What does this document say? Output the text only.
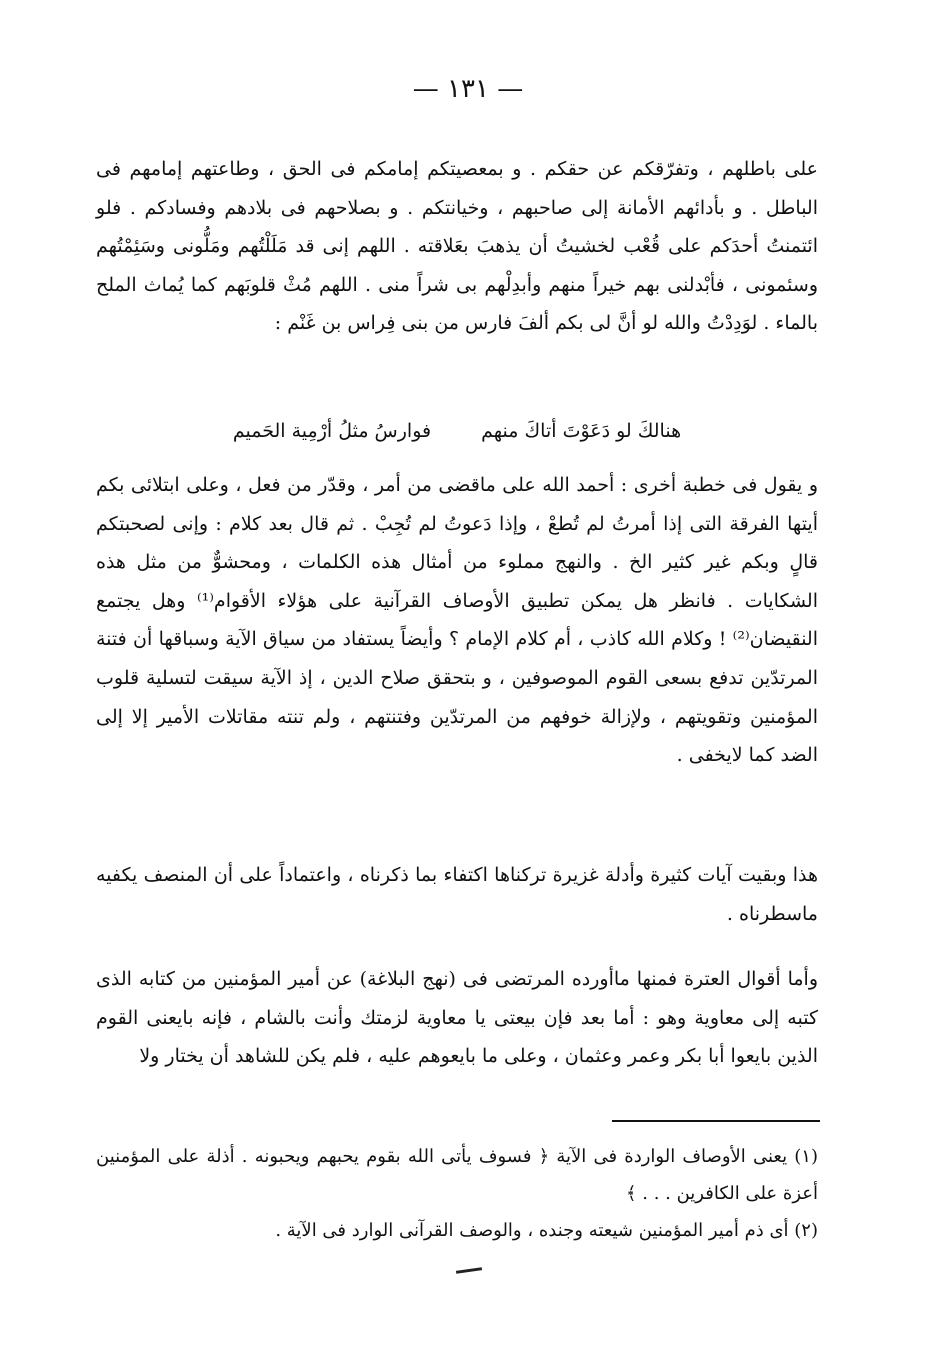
— ١٣١ —

على باطلهم ، وتفرّقكم عن حقكم . و بمعصيتكم إمامكم فى الحق ، وطاعتهم إمامهم فى الباطل . و بأدائهم الأمانة إلى صاحبهم ، وخيانتكم . و بصلاحهم فى بلادهم وفسادكم . فلو ائتمنتُ أحدَكم على قُعْب لخشيتُ أن يذهبَ بعَلاقته . اللهم إنى قد مَلَلْتُهم ومَلُّونى وسَئِمْتُهم وسئمونى ، فأبْدلنى بهم خيراً منهم وأبدِلْهم بى شراً منى . اللهم مُثْ قلوبَهم كما يُماث الملح بالماء . لوَدِدْتُ والله لو أنَّ لى بكم ألفَ فارس من بنى فِراس بن غَنْم :

هنالكَ لو دَعَوْتَ أتاكَ منهم فوارسُ مثلُ أرْمِية الحَميم

و يقول فى خطبة أخرى : أحمد الله على ماقضى من أمر ، وقدّر من فعل ، وعلى ابتلائى بكم أيتها الفرقة التى إذا أمرتُ لم تُطعْ ، وإذا دَعوتُ لم تُجِبْ . ثم قال بعد كلام : وإنى لصحبتكم قالٍ وبكم غير كثير الخ . والنهج مملوء من أمثال هذه الكلمات ، ومحشوٌّ من مثل هذه الشكايات . فانظر هل يمكن تطبيق الأوصاف القرآنية على هؤلاء الأقوام⁽¹⁾ وهل يجتمع النقيضان⁽²⁾ ! وكلام الله كاذب ، أم كلام الإمام ؟ وأيضاً يستفاد من سياق الآية وسباقها أن فتنة المرتدّين تدفع بسعى القوم الموصوفين ، و بتحقق صلاح الدين ، إذ الآية سيقت لتسلية قلوب المؤمنين وتقويتهم ، ولإزالة خوفهم من المرتدّين وفتنتهم ، ولم تنته مقاتلات الأمير إلا إلى الضد كما لايخفى .

هذا وبقيت آيات كثيرة وأدلة غزيرة تركناها اكتفاء بما ذكرناه ، واعتماداً على أن المنصف يكفيه ماسطرناه .

وأما أقوال العترة فمنها ماأورده المرتضى فى (نهج البلاغة) عن أمير المؤمنين من كتابه الذى كتبه إلى معاوية وهو : أما بعد فإن بيعتى يا معاوية لزمتك وأنت بالشام ، فإنه بايعنى القوم الذين بايعوا أبا بكر وعمر وعثمان ، وعلى ما بايعوهم عليه ، فلم يكن للشاهد أن يختار ولا

(١) يعنى الأوصاف الواردة فى الآية ﴿ فسوف يأتى الله بقوم يحبهم ويحبونه . أذلة على المؤمنين أعزة على الكافرين . . . ﴾

(٢) أى ذم أمير المؤمنين شيعته وجنده ، والوصف القرآنى الوارد فى الآية .
